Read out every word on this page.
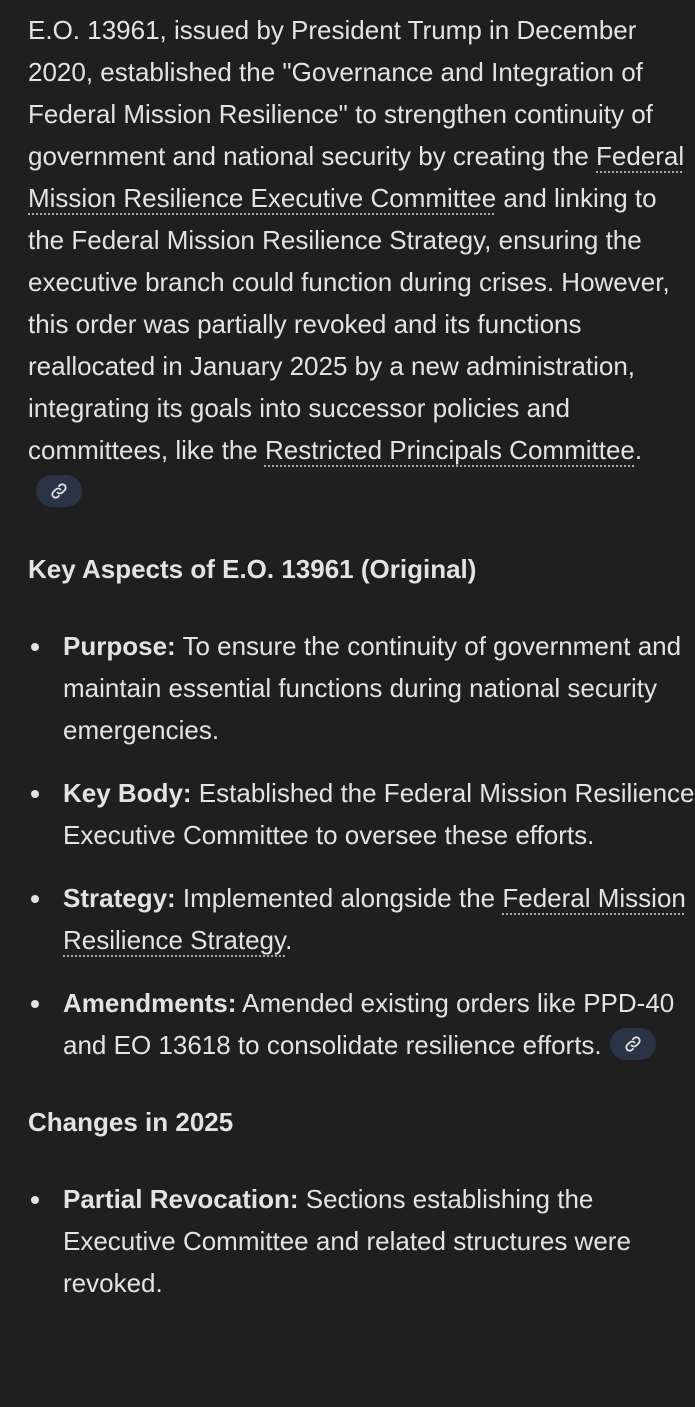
E.O. 13961, issued by President Trump in December 2020, established the "Governance and Integration of Federal Mission Resilience" to strengthen continuity of government and national security by creating the Federal Mission Resilience Executive Committee and linking to the Federal Mission Resilience Strategy, ensuring the executive branch could function during crises. However, this order was partially revoked and its functions reallocated in January 2025 by a new administration, integrating its goals into successor policies and committees, like the Restricted Principals Committee.

Key Aspects of E.O. 13961 (Original)
Purpose: To ensure the continuity of government and maintain essential functions during national security emergencies.
Key Body: Established the Federal Mission Resilience Executive Committee to oversee these efforts.
Strategy: Implemented alongside the Federal Mission Resilience Strategy.
Amendments: Amended existing orders like PPD-40 and EO 13618 to consolidate resilience efforts.
Changes in 2025
Partial Revocation: Sections establishing the Executive Committee and related structures were revoked.
